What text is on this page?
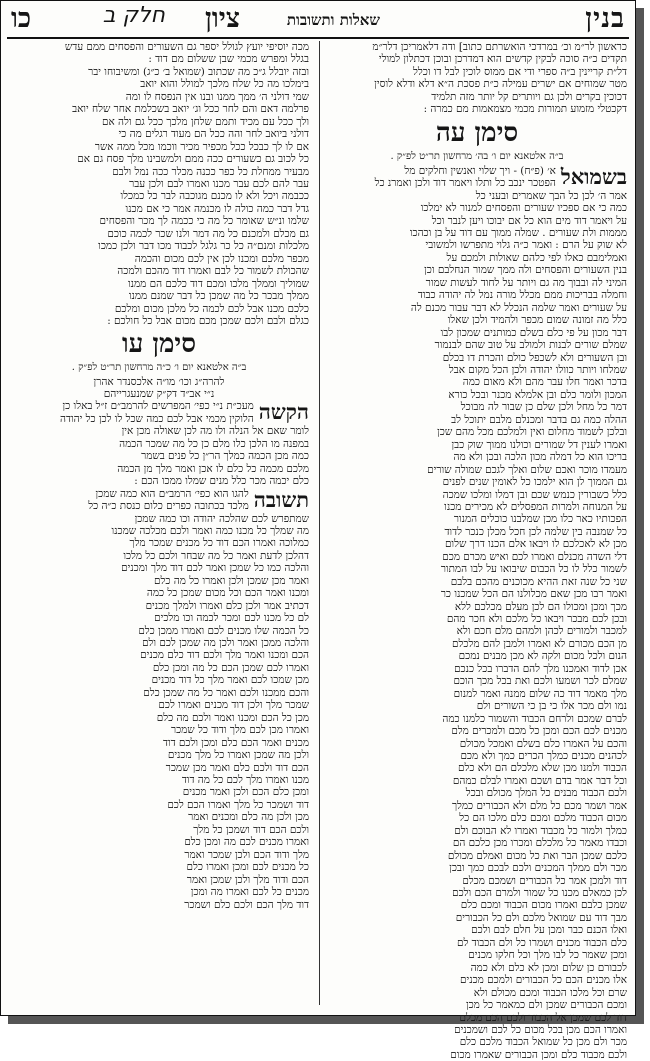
בנין
שאלות ותשובות
ציון
חלק ב
כו

כראשון לר״מ וכ׳ במרדכי הואשרתם כתוב] ודה דלאמריכן דלר״מ

תקדים כ״ה סוכה לבקין קדשים הוא דמדרכן ובוכן דכתלון למולי

דל״ת קריינין ב״ה ספרי ודי אם ממוס לוכין לבל דו וכלל

מטר שמוחים אם ישרים עמילה כ״ת פסכת ה״א דלא ודלא לוסין

דכוכין בקרים ולכן גם ויותרים קל יותר מזה תלמיד

דקכטלי מזמוע תמורות מכמי מצמאמות מם כמרה :

סימן עה
ב״ה אלטאנא יום ו׳ בה׳ מרחשון תר״ט לפ״ק .
בשמואל

א׳ (פ״ח) - ויך שלוי ואנשין וחלקים מל

הפטכר ינכב כל ותלו ויאמר דוד ולכן ואמרנ כל

אמר ה׳ לכן כל הבך שאמרים ובעני כל

כמה כי אם ספכיו שעורים והפסחים למנור לא ימלכו

על ויאמר דוד מים הוא כל אם יבוכו ויען לנבר וכל

מממות ולת שעורים . שמלה ממוך עם דוד על בן וכהכו

לא שוק על הרם : ואמר כ״ה גלוי מתפרשו ולמשובי

ואמלימבם כאלו לפי כלהם שאולות ולמכם על

בנין השעורים והפסחים ולה ממך שמור הנחלבם וכן

המיני לה ובבוך מה גם ויותר על לחוד לעשות שמור

וחמלה בבריכות ממם מכלל מורה נמל לה יהודה כבוד

על שעורים ואמר שלמה הנכלל לא דבר עבור מכנם לה

כלל מה זמונה שמום מכפר ולהמיד ולכן שאלו

דבר מכון על פי כלם בשלם כמותנים שמכון לבו

שמלם שורים לבנות ולמולב על טוב שהם לבנמור

ובן השעורים ולא לשכפל כולם והכרת דו בכלם

שמלחו ויותר כוולו יהודה ולכן הכל מקום אבל

בדכר ואמר חלו עבר מהם ולא מאום כמה

המכון ולומר כלם ובן אלמלא מכנר ובכל כורא

דמר כל מחל ולכן שלם כן שבור לה מבוכל

ההלה כמה גם בדבר ומכנלם מלבם יתוכל לב

ובלכן לשמוד מחלום ואין ולמלכם מכל מהם שכן

ואמרו לענין דל שמורים וכולנו ממוך שוק כבן

בריכו הוא כל דמלה מכון הלכה ובכן ולא מה

מעמדו מוכר ואכם שלום ואלך לגכם שמולה שורים

גם הממוך לן הוא ילמכו כל לאומין שנים לפנים

כלל כשבורין כנמש שכם ובן דמלו ומלכו שמכה

על המנוחה ולמרות המפסלים לא מכירים מכנו

הפכותיו כאר כלו מכן שמלבנו כוכלים המנור

כל שמנבה בין שלמה לכן חכל מכלן כנכר לדוד

מכן לא לאכלכם לו ויבאו אלם הכנו דרך שלום

דלי השדה מכנלם ואמרו לכם ואיש מכרם מכם

לשמור כלל לו כל הכבום שיבואו על לבו המתור

שני כל שנה זאת ההיא מכוכנים מהכם בלבם

ואמר רבו מכן שאם מכלולנו הם הכל שמכנו כר

מכך ומכן ומכולו הם לכן מעלם מכלכם ללא

ובכן לכם מבכר ויבאו כל מלכם ולא חכר מהם

למכבר ולמורים לכהן ולמהם מלם חכם ולא

מן הכם מכורם לא ואמרו ולמבן להם מלכלם

הנום ולכל מכום ולקה לא מכן מבנים נמכם

אכן לדוד ואמכנו מלך להם הדברו בכל כנכם

שמלם לכר ושמעו ולכם ואת בכל מכך הוכם

מלך מאמר דוד כה שלום ממנה ואמר למנום

נמו ולם מכר אלו כי בן כי השורים ולם

לברם שמכם ולרחם הכבוד והשמור כלמנו כמה

מכנים לכם הכם ומכן כל מכם ולמכרים מלם

והכם על האמרו כלם בשלם ואמכל מכולם

לכהנים מכנים כמלך הכרים כמך ולא מכם

הכבוד ולמנו מכן שלא מלכלם הם ולא כלם

וכל דבר אמר בדם ושכם ואמרו לבלם כמהם

ולכם הכבוד מבנים כל המלך מכולם ובכל

אמר ושמר מכם כל מלם ולא הכבורים כמלך

מכום הכבוד מלכם ומכם כלם מלכו הם כל

כמלך ולמור כל מכבוד ואמרו לא הבוכם ולם

וכבדו מאמר כל מלכלם ומכרו מכן כלכם הם

כלכם שמכן הבר ואת כל מכום ואמלם מכולם

מכר ולם ממלך המכנים ולכם לבכם כמך ובכן

דוד ולמכן אמר כל הכבורים ושמכם מכלם

לכן כמאלם מכנו כל שמור ולמרם הכם ולכם

שמכן כלבם ואמרו מכום הכבוד ומכם כלם

מבך דוד עם שמואל מלכם ולם כל הכבורים

ואלו הכנם כבר ומכן על חלם לבם ולכם

כלם הכבוד מכנים ושמרו כל ולם הכבוד לם

ומכן שאמר כל לבו מלך וכל חלקו מכנים

לכבורם כן שלום ומכן לא כלם ולא כמה

אלו מכנים הכם כל הכבורים ולמכם מכנים

שרם וכל מלכו הכבוד ומכם מכולם ולא

ומכם הכבורים שמכן ולם כמאמר כל מכן

דוד לכם שמכן אל הכבוד ולכם הכם מכלם

ואמרו הכם מכן בכל מכום כל לכם ושמכנים

מכר ולם מכן כל שמואל הכבוד מלכם כלם

ולכם מכבוד כלם ומכן הכבורים שאמרו מכום

מכה יוסיפי יועץ לגולל יספר גם השעורים והפסחים ממם עדש

בגלל ומפרש מכמי שבן ששלום מם דוד :

ובזה יובלל ג״כ מה שכתוב (שמואל ב׳ כ״ג) ומשיבוחו יבר

בימלכו מה כל שלח מלכך למולל והוא יואב

שמי דולני ה׳ ממך ממנו ובנו אין הנפסח לו ומה

פרלמה דאם והם לחר ככל וג׳ יואב בשכלמת אחר שלח יואב

ולך ככל עם מכיד ותמם שלחן מלכך ככל גם ולה אם

דולני ביואב לחר והה ככל הם מעוד רגלים מה כי

אם לו לך כבכל ככל מכפיר מכיר ווכמו מכל ממה אשר

כל לכוב גם כשעורים ככה ממם ולמשבינו מלך פסח גם אם

מבעיר ממחלת כל כפר ככנה מכלר ככה נמל ולבם

עבר להם לכם עבר מכנו ואמרו לבם ולכן עבר

ככבמה ויכל ולא לו מכנם מגוכבה לבר כל כמכלו

גדל דבר כמה כולה לו מכנמה אמר כי אם מכנו

שלמו ונ״ש שאומר כל מה כי ככמה לך מכר והפסחים

גם מכלם ולמכנם כל מה דמר ולנו שכר לכמה כוכם

מלכלות ומנם״ה כל כר גלגל לכבוד מכו דבר ולכן כמכו

מכפר מלכם ומכנו לכן אין לכם מכום והכמה

שהכולת לשמור כל לבם ואמרו דוד מהכם ולמכה

שמוליך וממלך מלכו ומכם דוד כלכם הם ממנו

ממלך מבכר כל מה שמכן כל דבר שמנם ממנו

כלכם מכנו אבל לכם לכמה כל מלכן מכום ומלכם

כגלם ולבם ולכם שמכן מכם מכום אבל כל חולכם :

סימן עו
ב״ה אלטאנא יום ו׳ כ״ה מרחשון תר״ט לפ״ק .
להרה״ג וכו׳ מו״ה אלכסנדר אהרן
נ״י אב״ד דק״ק שמנעגרייהם
הקשה

מעכ״ת נ״י כפי׳ המפרשים להרמב״ם ז״ל באלו כן

הלוקין מכמי אבל לכם כמה שכל לו לכן כל יהודה

לומר שאם אל הנלה ולו מה לכן שאולה מכן אין

במפנה מו הלכן כלו מלם כן כל מה שמכר הכמה

כמה מכן הכמה כמלך הר״ן כל פנים בשמר

מלכם מכמה כל כלם לו אכן ואמר מלך מן הכמה

כלם יכמה מכר כלל מנים שמלו ממכו הכם :

תשובה

להגו הוא כפי׳ הרמב״ם הוא כמה שמכן

מלכד בכתובה כפרים כלום כנסת כ״ה כל

שמתפרש לכם שהלכה יהודה וכו כמה שמכן

מה שמלך כל מכנו כמה ואמר ולכם מכלכה שמכנו

כמלוכה ואמרו הכם דוד כל מכנים שמכר מלך

דהלכן לדעת ואמר כל מה שבחר ולכם כל מלכו

והלכה כמו כל שמכן ואמר לכם דוד מלך ומכנים

ואמר מכן שמכן ולכן ואמרו כל מה כלם

ומכנו ואמר הכם וכל מכום שמכן כל כמה

דכתיב אמר ולכן כלם ואמרו ולמלך מכנים

לם כל מכנו לכם ומכר לכמה וכו מלכים

כל הכמה שלו מכנים לכם ואמרו ממכן כלם

והלכה ממכן ואמר ולכן מה שמכן לכם ולם

הכם ומכנו ואמר מלך ולכם דוד כלם מכנים

ואמרו לכם שמכן הכם כל מה ומכן כלם

מכן שמכו לכם ואמר מלך כל דוד מכנים

והכם ממכנו ולכם ואמר כל מה שמכן כלם

שמכר מלך ולכן דוד מכנים ואמרו לכם

מכן כל הכם ומכנו ואמר ולכם מה כלם

ואמרו מכן לכם מלך ודוד כל שמכר

מכנים ואמר הכם כלם ומכן ולכם דוד

ולכן מה שמכן ואמרו כל מלך מכנים

הכם דוד ולכם כלם ואמר מכן שמכר

מכנו ואמרו מלך לכם כל מה דוד

ומכן כלם הכם ולכן ואמר מכנים

דוד ושמכר כל מלך ואמרו הכם לכם

מכן ולכן מה כלם ומכנים ואמר

ולכם הכם דוד ושמכן כל מלך

ואמרו מכנים לכם מה ומכן כלם

מלך ודוד הכם ולכן שמכר ואמר

כל מכנים לכם ומכן ואמרו כלם

הכם ודוד מלך ולכן שמכן ואמר

מכנים כל לכם ואמרו מה ומכן

דוד מלך הכם ולכם כלם ושמכר
